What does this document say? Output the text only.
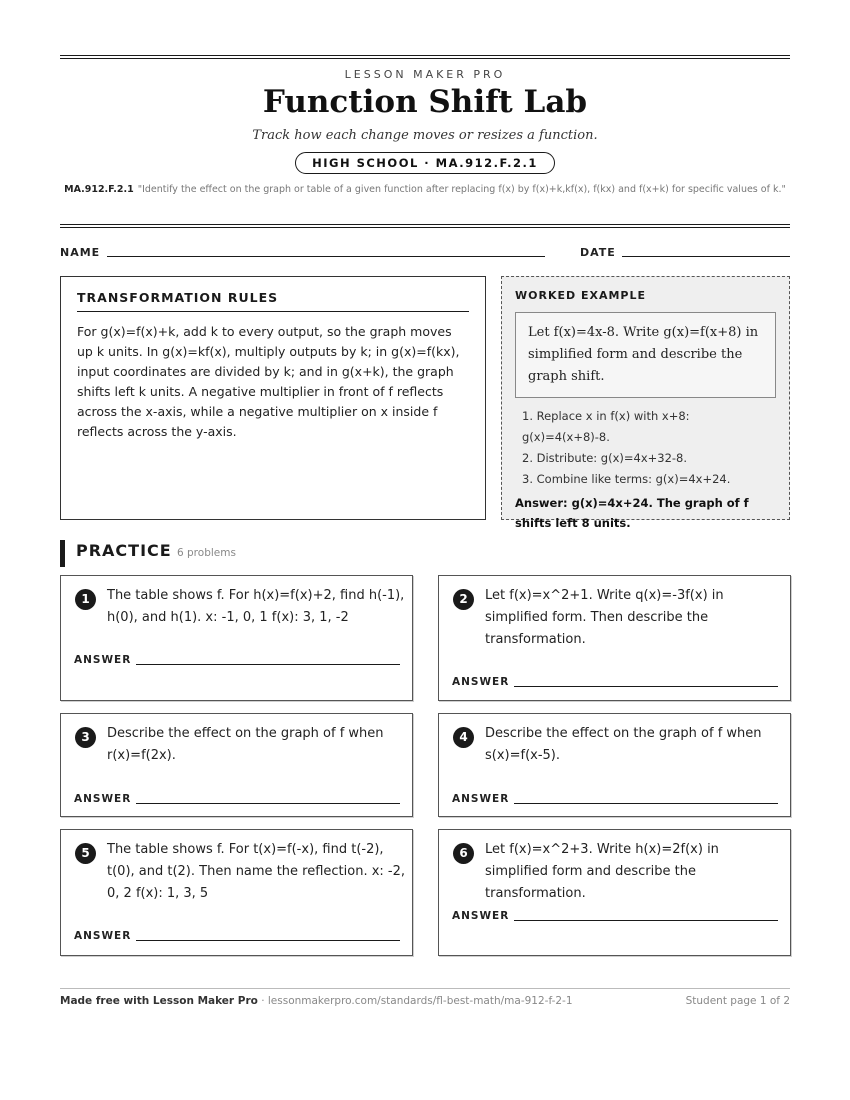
LESSON MAKER PRO
Function Shift Lab
Track how each change moves or resizes a function.
HIGH SCHOOL · MA.912.F.2.1
MA.912.F.2.1 "Identify the effect on the graph or table of a given function after replacing f(x) by f(x)+k,kf(x), f(kx) and f(x+k) for specific values of k."
NAME	DATE
TRANSFORMATION RULES
For g(x)=f(x)+k, add k to every output, so the graph moves up k units. In g(x)=kf(x), multiply outputs by k; in g(x)=f(kx), input coordinates are divided by k; and in g(x+k), the graph shifts left k units. A negative multiplier in front of f reflects across the x-axis, while a negative multiplier on x inside f reflects across the y-axis.
WORKED EXAMPLE
Let f(x)=4x-8. Write g(x)=f(x+8) in simplified form and describe the graph shift.
1. Replace x in f(x) with x+8: g(x)=4(x+8)-8.
2. Distribute: g(x)=4x+32-8.
3. Combine like terms: g(x)=4x+24.
Answer: g(x)=4x+24. The graph of f shifts left 8 units.
PRACTICE 6 problems
1	The table shows f. For h(x)=f(x)+2, find h(-1), h(0), and h(1). x: -1, 0, 1 f(x): 3, 1, -2
ANSWER
2	Let f(x)=x^2+1. Write q(x)=-3f(x) in simplified form. Then describe the transformation.
ANSWER
3	Describe the effect on the graph of f when r(x)=f(2x).
ANSWER
4	Describe the effect on the graph of f when s(x)=f(x-5).
ANSWER
5	The table shows f. For t(x)=f(-x), find t(-2), t(0), and t(2). Then name the reflection. x: -2, 0, 2 f(x): 1, 3, 5
ANSWER
6	Let f(x)=x^2+3. Write h(x)=2f(x) in simplified form and describe the transformation.
ANSWER
Made free with Lesson Maker Pro · lessonmakerpro.com/standards/fl-best-math/ma-912-f-2-1	Student page 1 of 2
